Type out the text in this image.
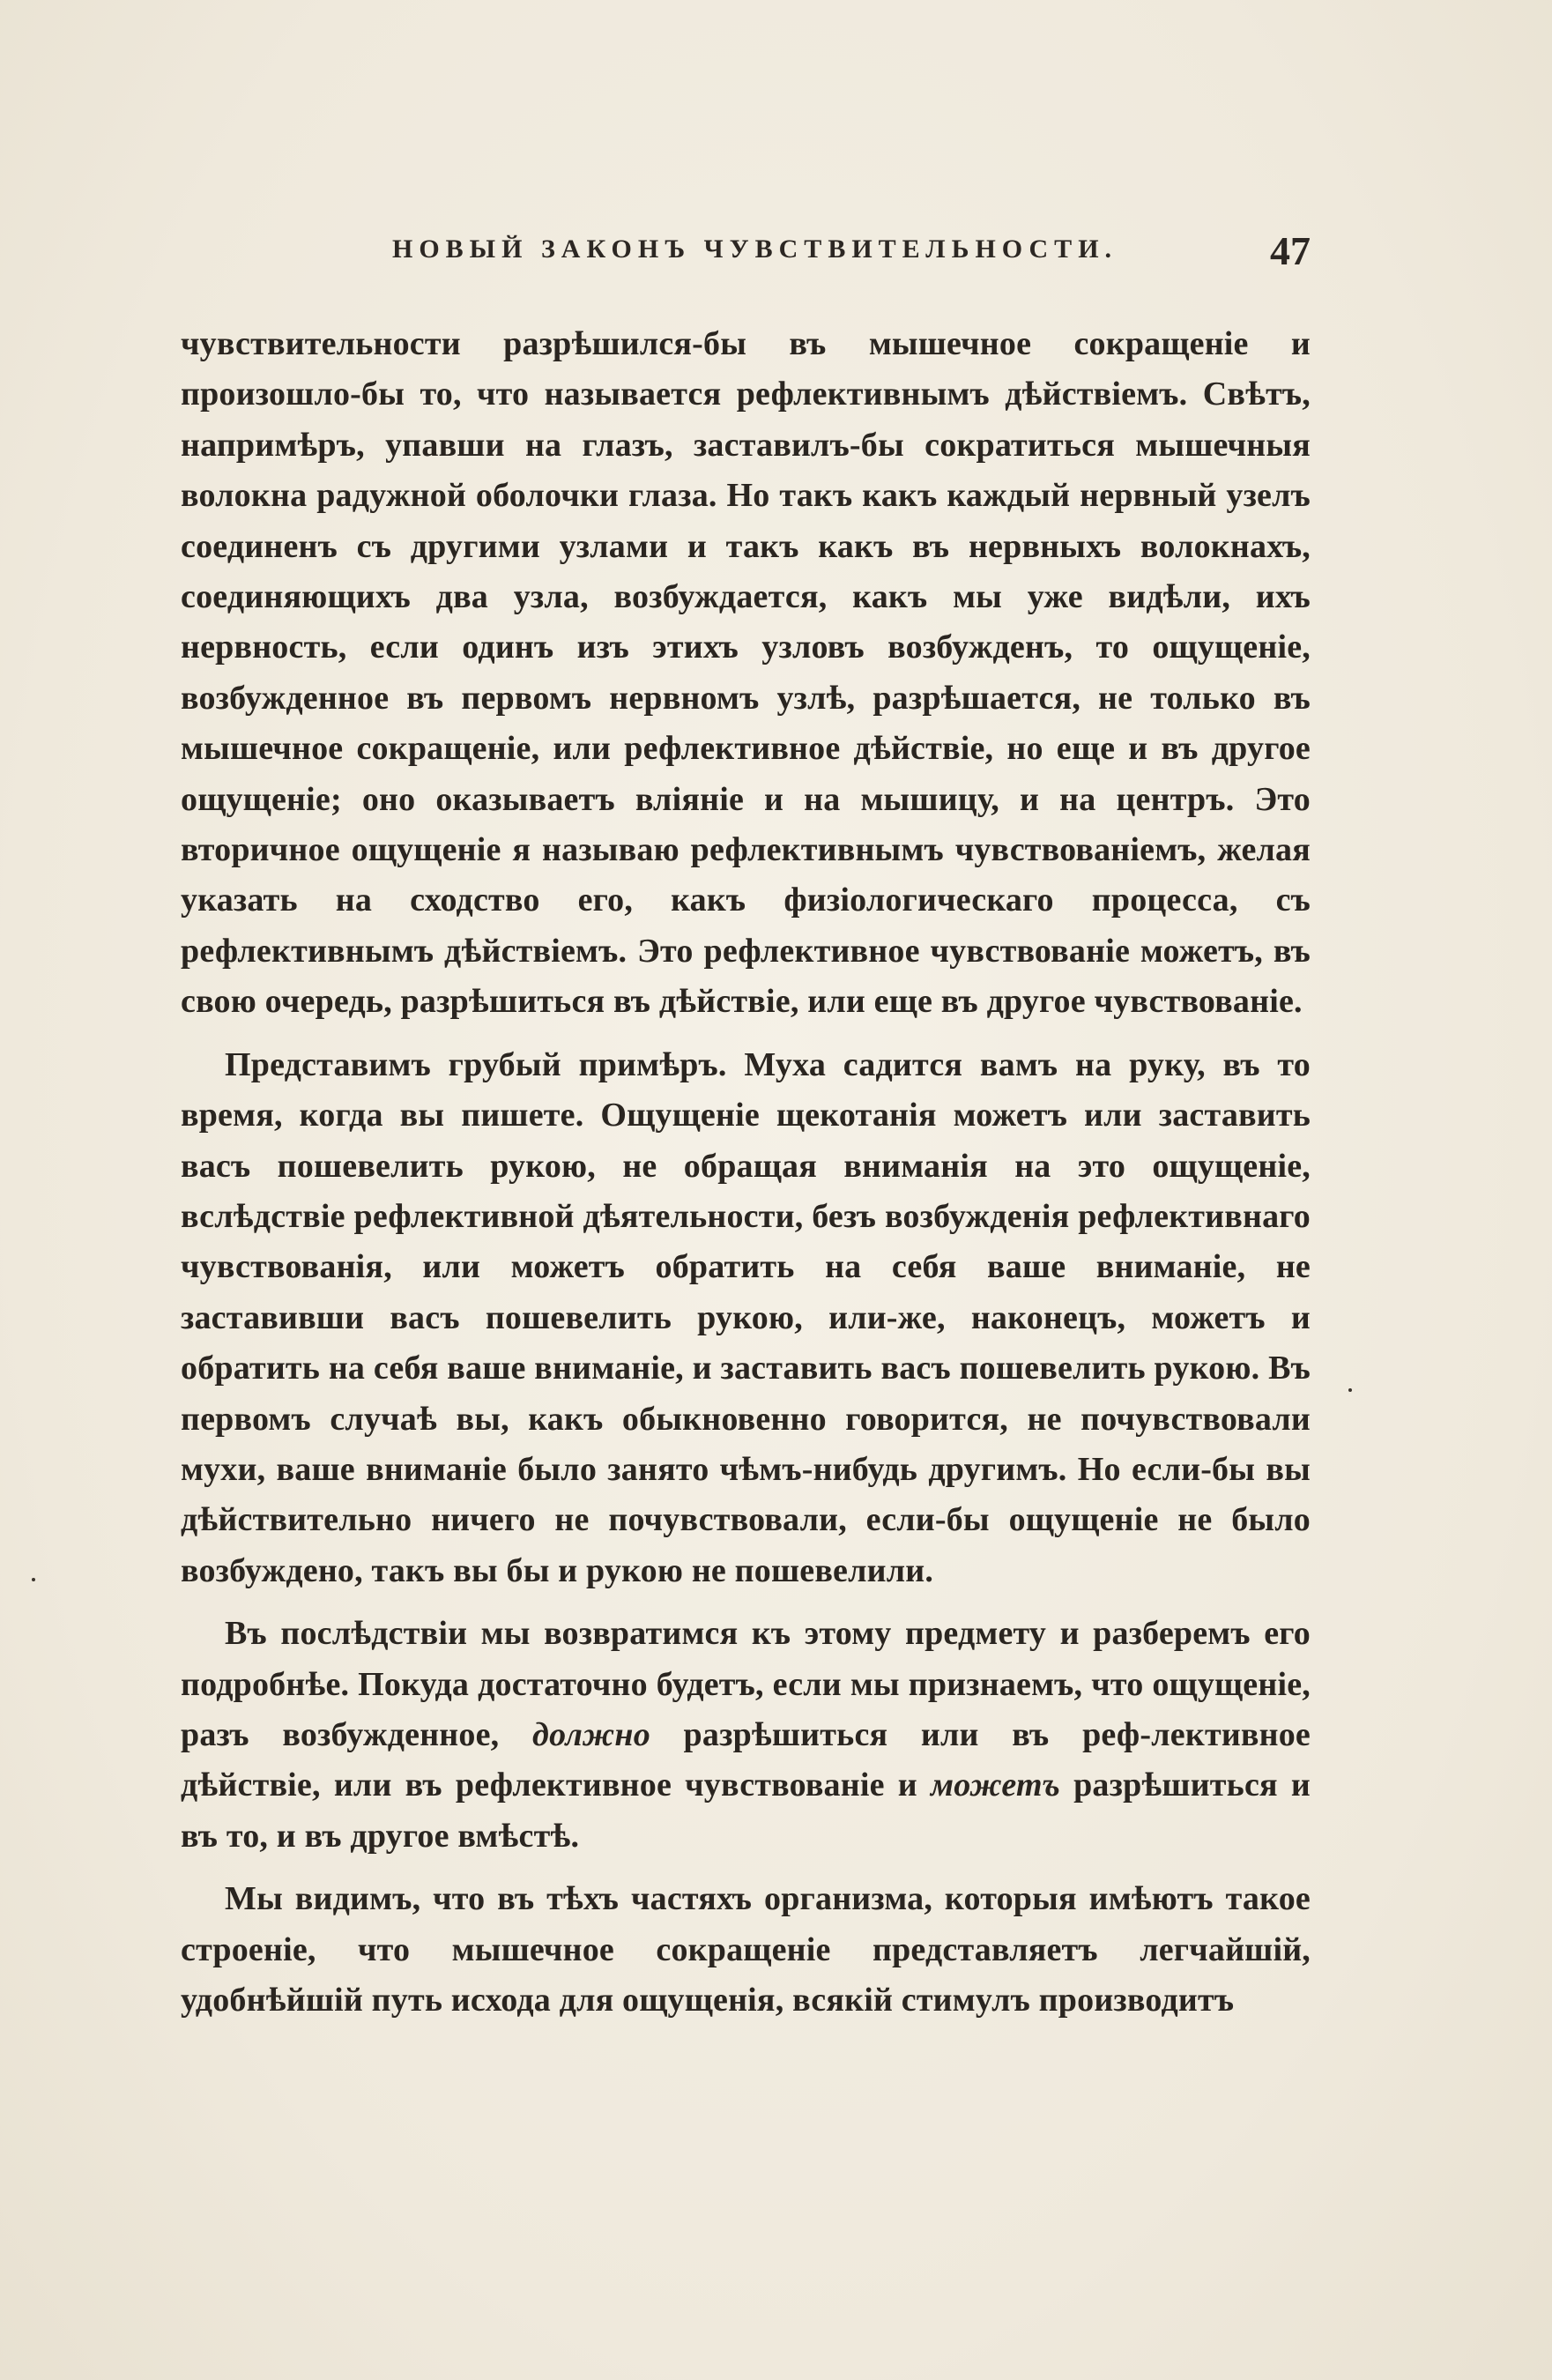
НОВЫЙ ЗАКОНЪ ЧУВСТВИТЕЛЬНОСТИ.	47

чувствительности разрѣшился-бы въ мышечное сокращеніе и произошло-бы то, что называется рефлективнымъ дѣйствіемъ. Свѣтъ, напримѣръ, упавши на глазъ, заставилъ-бы сократиться мышечныя волокна радужной оболочки глаза. Но такъ какъ каждый нервный узелъ соединенъ съ другими узлами и такъ какъ въ нервныхъ волокнахъ, соединяющихъ два узла, возбуждается, какъ мы уже видѣли, ихъ нервность, если одинъ изъ этихъ узловъ возбужденъ, то ощущеніе, возбужденное въ первомъ нервномъ узлѣ, разрѣшается, не только въ мышечное сокращеніе, или рефлективное дѣйствіе, но еще и въ другое ощущеніе; оно оказываетъ вліяніе и на мышицу, и на центръ. Это вторичное ощущеніе я называю рефлективнымъ чувствованіемъ, желая указать на сходство его, какъ физіологическаго процесса, съ рефлективнымъ дѣйствіемъ. Это рефлективное чувствованіе можетъ, въ свою очередь, разрѣшиться въ дѣйствіе, или еще въ другое чувствованіе.

Представимъ грубый примѣръ. Муха садится вамъ на руку, въ то время, когда вы пишете. Ощущеніе щекотанія можетъ или заставить васъ пошевелить рукою, не обращая вниманія на это ощущеніе, вслѣдствіе рефлективной дѣятельности, безъ возбужденія рефлективнаго чувствованія, или можетъ обратить на себя ваше вниманіе, не заставивши васъ пошевелить рукою, или-же, наконецъ, можетъ и обратить на себя ваше вниманіе, и заставить васъ пошевелить рукою. Въ первомъ случаѣ вы, какъ обыкновенно говорится, не почувствовали мухи, ваше вниманіе было занято чѣмъ-нибудь другимъ. Но если-бы вы дѣйствительно ничего не почувствовали, если-бы ощущеніе не было возбуждено, такъ вы бы и рукою не пошевелили.

Въ послѣдствіи мы возвратимся къ этому предмету и разберемъ его подробнѣе. Покуда достаточно будетъ, если мы признаемъ, что ощущеніе, разъ возбужденное, должно разрѣшиться или въ реф-лективное дѣйствіе, или въ рефлективное чувствованіе и можетъ разрѣшиться и въ то, и въ другое вмѣстѣ.

Мы видимъ, что въ тѣхъ частяхъ организма, которыя имѣютъ такое строеніе, что мышечное сокращеніе представляетъ легчайшій, удобнѣйшій путь исхода для ощущенія, всякій стимулъ производитъ
